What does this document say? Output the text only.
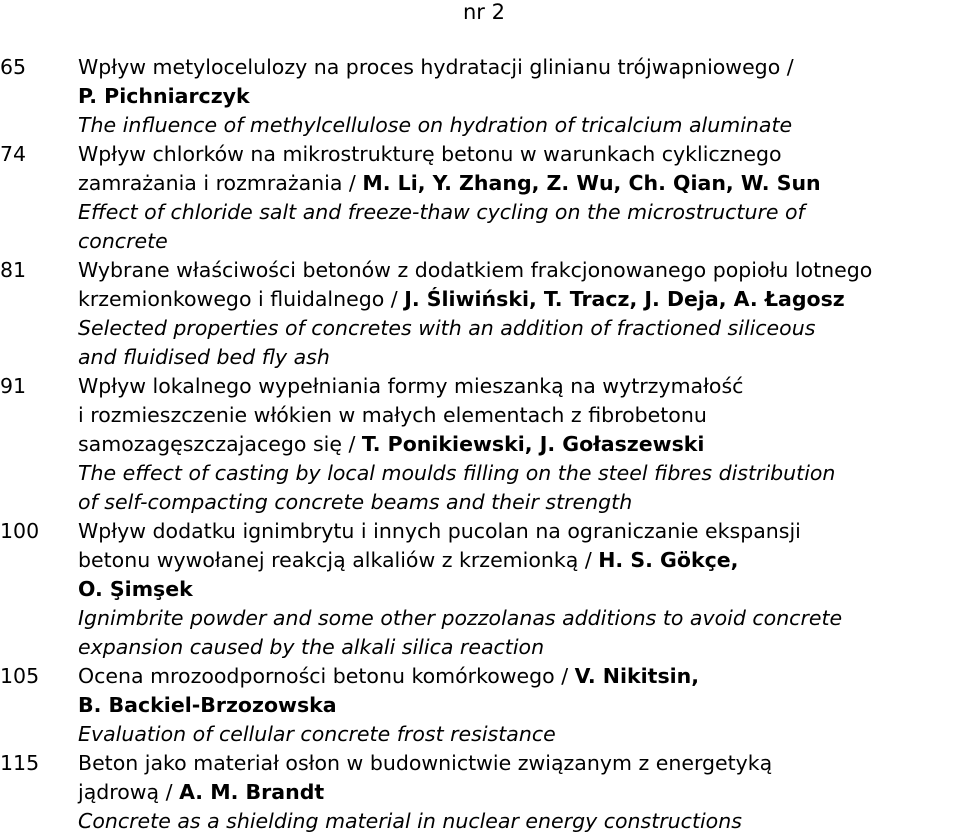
nr 2
65	Wpływ metylocelulozy na proces hydratacji glinianu trójwapniowego /
P. Pichniarczyk
The influence of methylcellulose on hydration of tricalcium aluminate
74	Wpływ chlorków na mikrostrukturę betonu w warunkach cyklicznego
zamrażania i rozmrażania / M. Li, Y. Zhang, Z. Wu, Ch. Qian, W. Sun
Effect of chloride salt and freeze-thaw cycling on the microstructure of
concrete
81	Wybrane właściwości betonów z dodatkiem frakcjonowanego popiołu lotnego
krzemionkowego i fluidalnego / J. Śliwiński, T. Tracz, J. Deja, A. Łagosz
Selected properties of concretes with an addition of fractioned siliceous
and fluidised bed fly ash
91	Wpływ lokalnego wypełniania formy mieszanką na wytrzymałość
i rozmieszczenie włókien w małych elementach z fibrobetonu
samozagęszczajacego się / T. Ponikiewski, J. Gołaszewski
The effect of casting by local moulds filling on the steel fibres distribution
of self-compacting concrete beams and their strength
100 Wpływ dodatku ignimbrytu i innych pucolan na ograniczanie ekspansji
betonu wywołanej reakcją alkaliów z krzemionką / H. S. Gökçe,
O. Şimşek
Ignimbrite powder and some other pozzolanas additions to avoid concrete
expansion caused by the alkali silica reaction
105 Ocena mrozoodporności betonu komórkowego / V. Nikitsin,
B. Backiel-Brzozowska
Evaluation of cellular concrete frost resistance
115 Beton jako materiał osłon w budownictwie związanym z energetyką
jądrową / A. M. Brandt
Concrete as a shielding material in nuclear energy constructions
